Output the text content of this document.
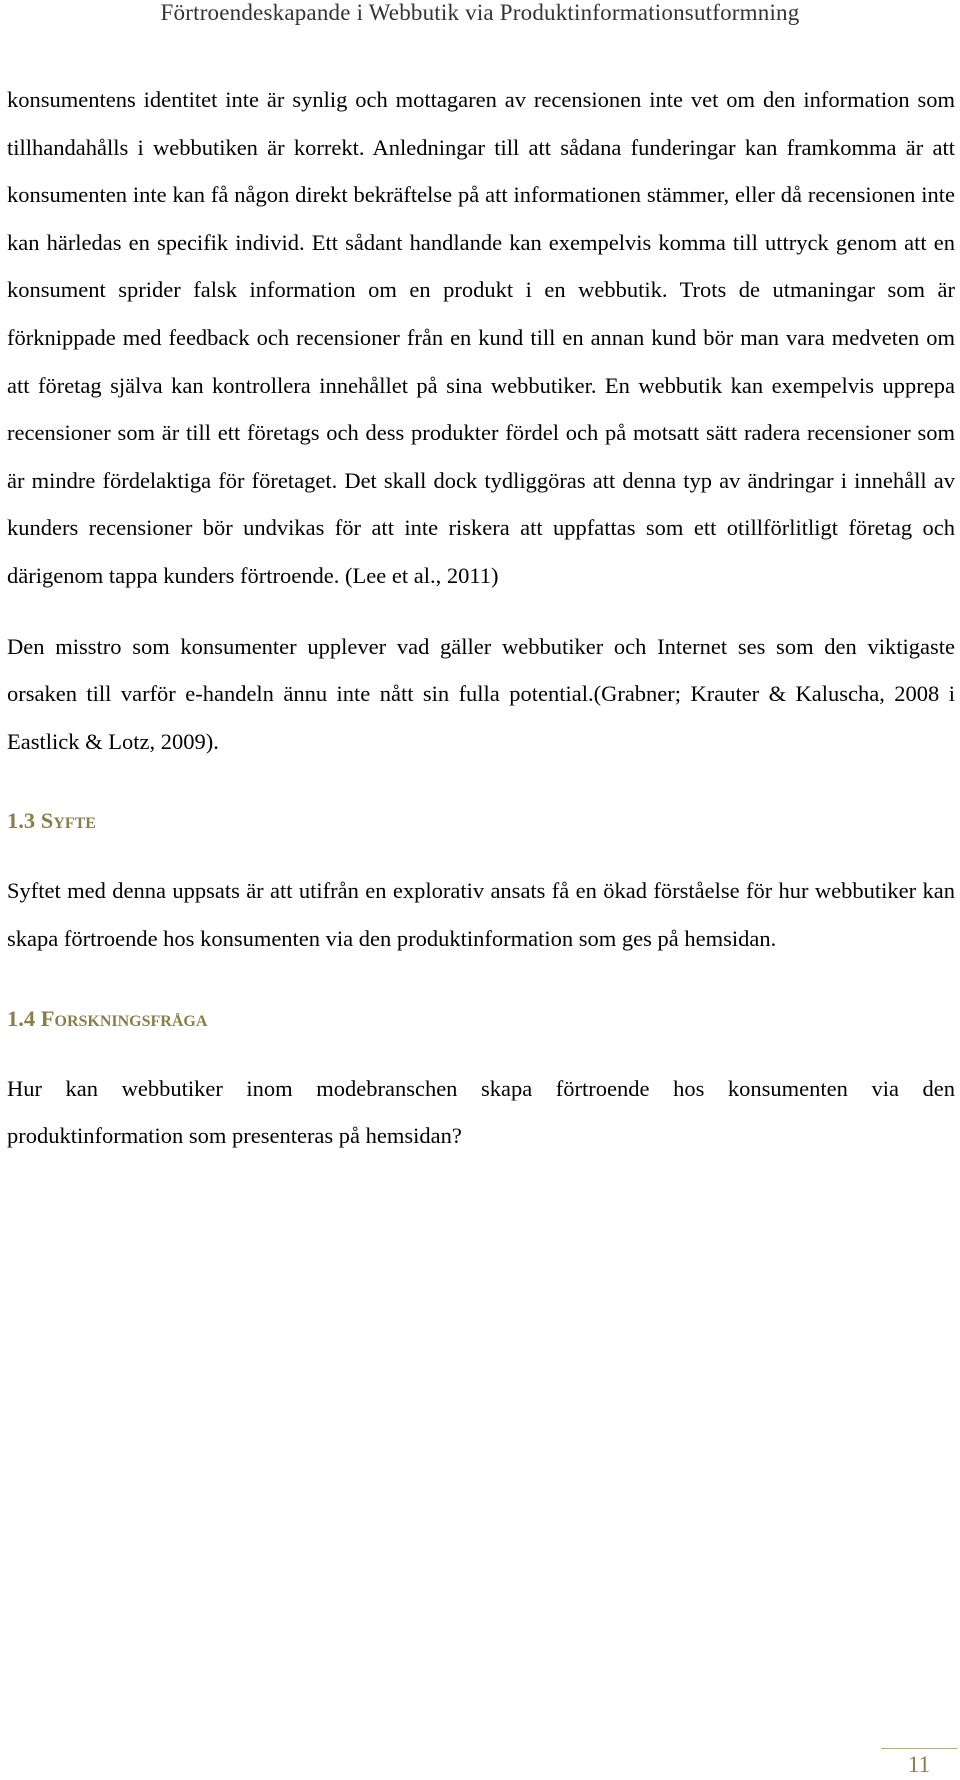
Förtroendeskapande i Webbutik via Produktinformationsutformning

konsumentens identitet inte är synlig och mottagaren av recensionen inte vet om den information som tillhandahålls i webbutiken är korrekt. Anledningar till att sådana funderingar kan framkomma är att konsumenten inte kan få någon direkt bekräftelse på att informationen stämmer, eller då recensionen inte kan härledas en specifik individ. Ett sådant handlande kan exempelvis komma till uttryck genom att en konsument sprider falsk information om en produkt i en webbutik. Trots de utmaningar som är förknippade med feedback och recensioner från en kund till en annan kund bör man vara medveten om att företag själva kan kontrollera innehållet på sina webbutiker. En webbutik kan exempelvis upprepa recensioner som är till ett företags och dess produkter fördel och på motsatt sätt radera recensioner som är mindre fördelaktiga för företaget. Det skall dock tydliggöras att denna typ av ändringar i innehåll av kunders recensioner bör undvikas för att inte riskera att uppfattas som ett otillförlitligt företag och därigenom tappa kunders förtroende. (Lee et al., 2011)

Den misstro som konsumenter upplever vad gäller webbutiker och Internet ses som den viktigaste orsaken till varför e-handeln ännu inte nått sin fulla potential.(Grabner; Krauter & Kaluscha, 2008 i Eastlick & Lotz, 2009).

1.3 Syfte

Syftet med denna uppsats är att utifrån en explorativ ansats få en ökad förståelse för hur webbutiker kan skapa förtroende hos konsumenten via den produktinformation som ges på hemsidan.

1.4 Forskningsfråga

Hur kan webbutiker inom modebranschen skapa förtroende hos konsumenten via den produktinformation som presenteras på hemsidan?

11
